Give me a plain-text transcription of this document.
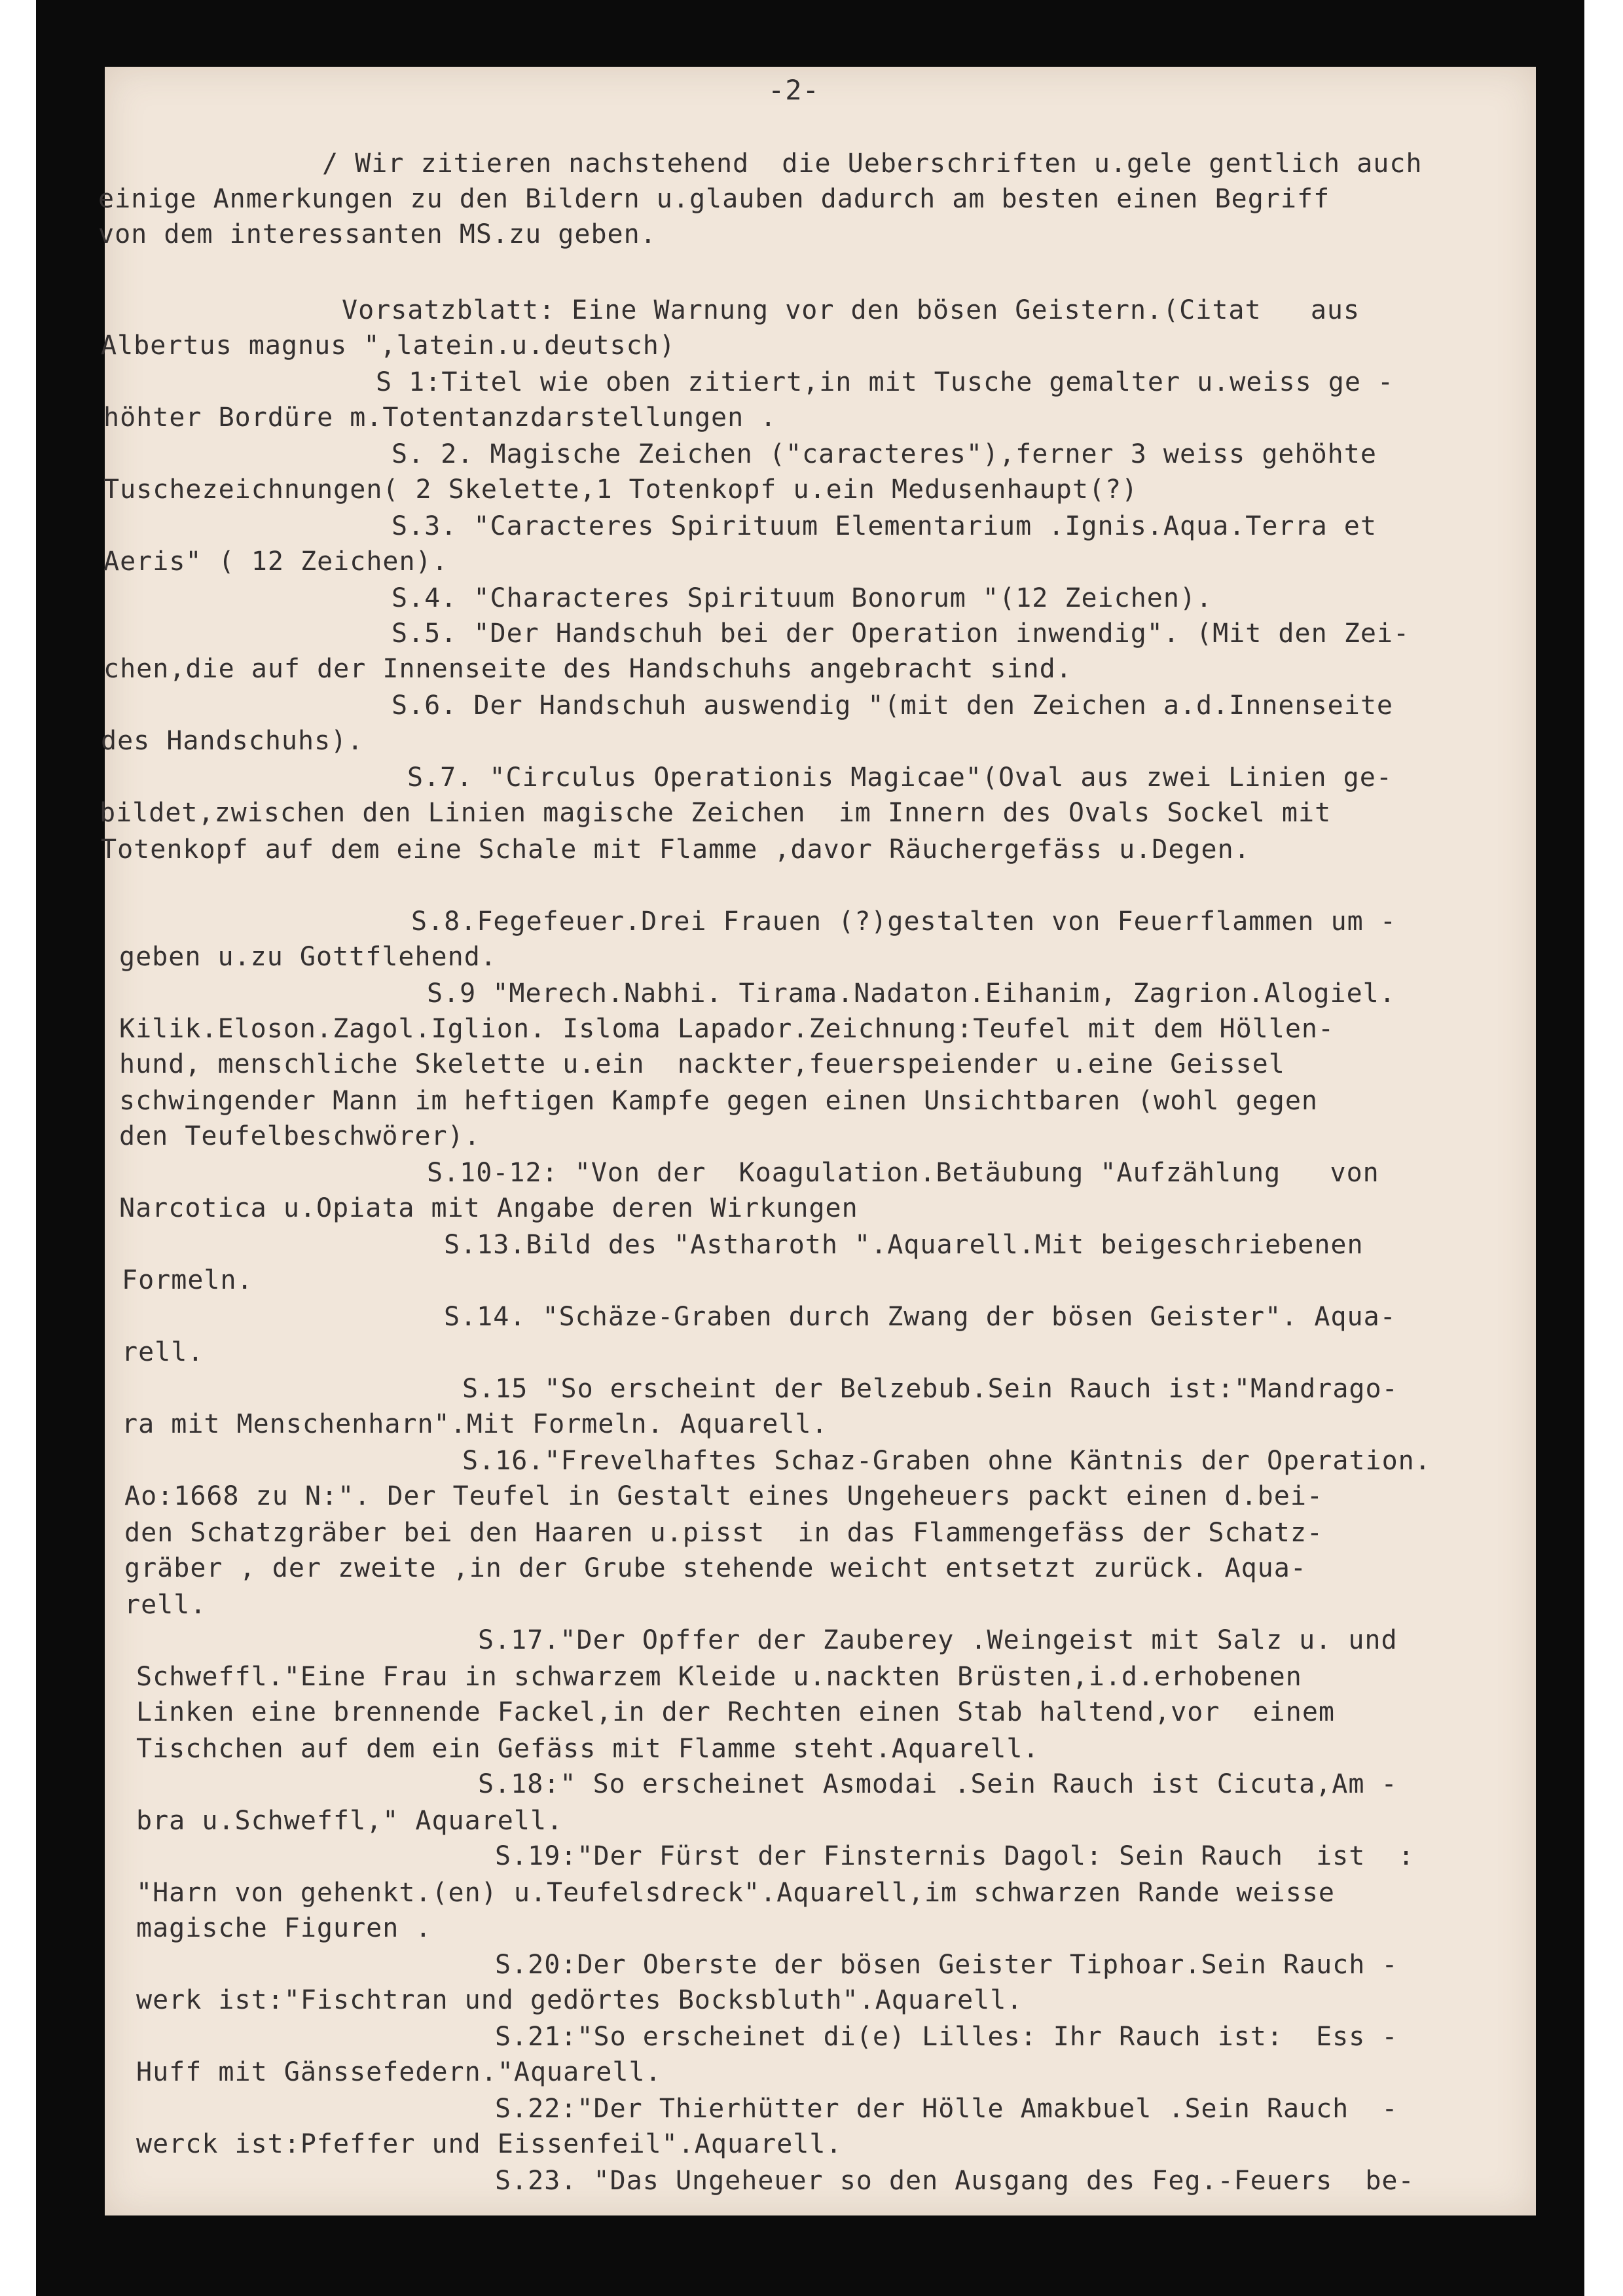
-2-
/ Wir zitieren nachstehend  die Ueberschriften u.gele gentlich auch
einige Anmerkungen zu den Bildern u.glauben dadurch am besten einen Begriff
von dem interessanten MS.zu geben.
Vorsatzblatt: Eine Warnung vor den bösen Geistern.(Citat   aus
Albertus magnus ",latein.u.deutsch)
S 1:Titel wie oben zitiert,in mit Tusche gemalter u.weiss ge -
höhter Bordüre m.Totentanzdarstellungen .
S. 2. Magische Zeichen ("caracteres"),ferner 3 weiss gehöhte
Tuschezeichnungen( 2 Skelette,1 Totenkopf u.ein Medusenhaupt(?)
S.3. "Caracteres Spirituum Elementarium .Ignis.Aqua.Terra et
Aeris" ( 12 Zeichen).
S.4. "Characteres Spirituum Bonorum "(12 Zeichen).
S.5. "Der Handschuh bei der Operation inwendig". (Mit den Zei-
chen,die auf der Innenseite des Handschuhs angebracht sind.
S.6. Der Handschuh auswendig "(mit den Zeichen a.d.Innenseite
des Handschuhs).
S.7. "Circulus Operationis Magicae"(Oval aus zwei Linien ge-
bildet,zwischen den Linien magische Zeichen  im Innern des Ovals Sockel mit
Totenkopf auf dem eine Schale mit Flamme ,davor Räuchergefäss u.Degen.
S.8.Fegefeuer.Drei Frauen (?)gestalten von Feuerflammen um -
geben u.zu Gottflehend.
S.9 "Merech.Nabhi. Tirama.Nadaton.Eihanim, Zagrion.Alogiel.
Kilik.Eloson.Zagol.Iglion. Isloma Lapador.Zeichnung:Teufel mit dem Höllen-
hund, menschliche Skelette u.ein  nackter,feuerspeiender u.eine Geissel
schwingender Mann im heftigen Kampfe gegen einen Unsichtbaren (wohl gegen
den Teufelbeschwörer).
S.10-12: "Von der  Koagulation.Betäubung "Aufzählung   von
Narcotica u.Opiata mit Angabe deren Wirkungen
S.13.Bild des "Astharoth ".Aquarell.Mit beigeschriebenen
Formeln.
S.14. "Schäze-Graben durch Zwang der bösen Geister". Aqua-
rell.
S.15 "So erscheint der Belzebub.Sein Rauch ist:"Mandrago-
ra mit Menschenharn".Mit Formeln. Aquarell.
S.16."Frevelhaftes Schaz-Graben ohne Käntnis der Operation.
Ao:1668 zu N:". Der Teufel in Gestalt eines Ungeheuers packt einen d.bei-
den Schatzgräber bei den Haaren u.pisst  in das Flammengefäss der Schatz-
gräber , der zweite ,in der Grube stehende weicht entsetzt zurück. Aqua-
rell.
S.17."Der Opffer der Zauberey .Weingeist mit Salz u. und
Schweffl."Eine Frau in schwarzem Kleide u.nackten Brüsten,i.d.erhobenen
Linken eine brennende Fackel,in der Rechten einen Stab haltend,vor  einem
Tischchen auf dem ein Gefäss mit Flamme steht.Aquarell.
S.18:" So erscheinet Asmodai .Sein Rauch ist Cicuta,Am -
bra u.Schweffl," Aquarell.
S.19:"Der Fürst der Finsternis Dagol: Sein Rauch  ist  :
"Harn von gehenkt.(en) u.Teufelsdreck".Aquarell,im schwarzen Rande weisse
magische Figuren .
S.20:Der Oberste der bösen Geister Tiphoar.Sein Rauch -
werk ist:"Fischtran und gedörtes Bocksbluth".Aquarell.
S.21:"So erscheinet di(e) Lilles: Ihr Rauch ist:  Ess -
Huff mit Gänssefedern."Aquarell.
S.22:"Der Thierhütter der Hölle Amakbuel .Sein Rauch  -
werck ist:Pfeffer und Eissenfeil".Aquarell.
S.23. "Das Ungeheuer so den Ausgang des Feg.-Feuers  be-
